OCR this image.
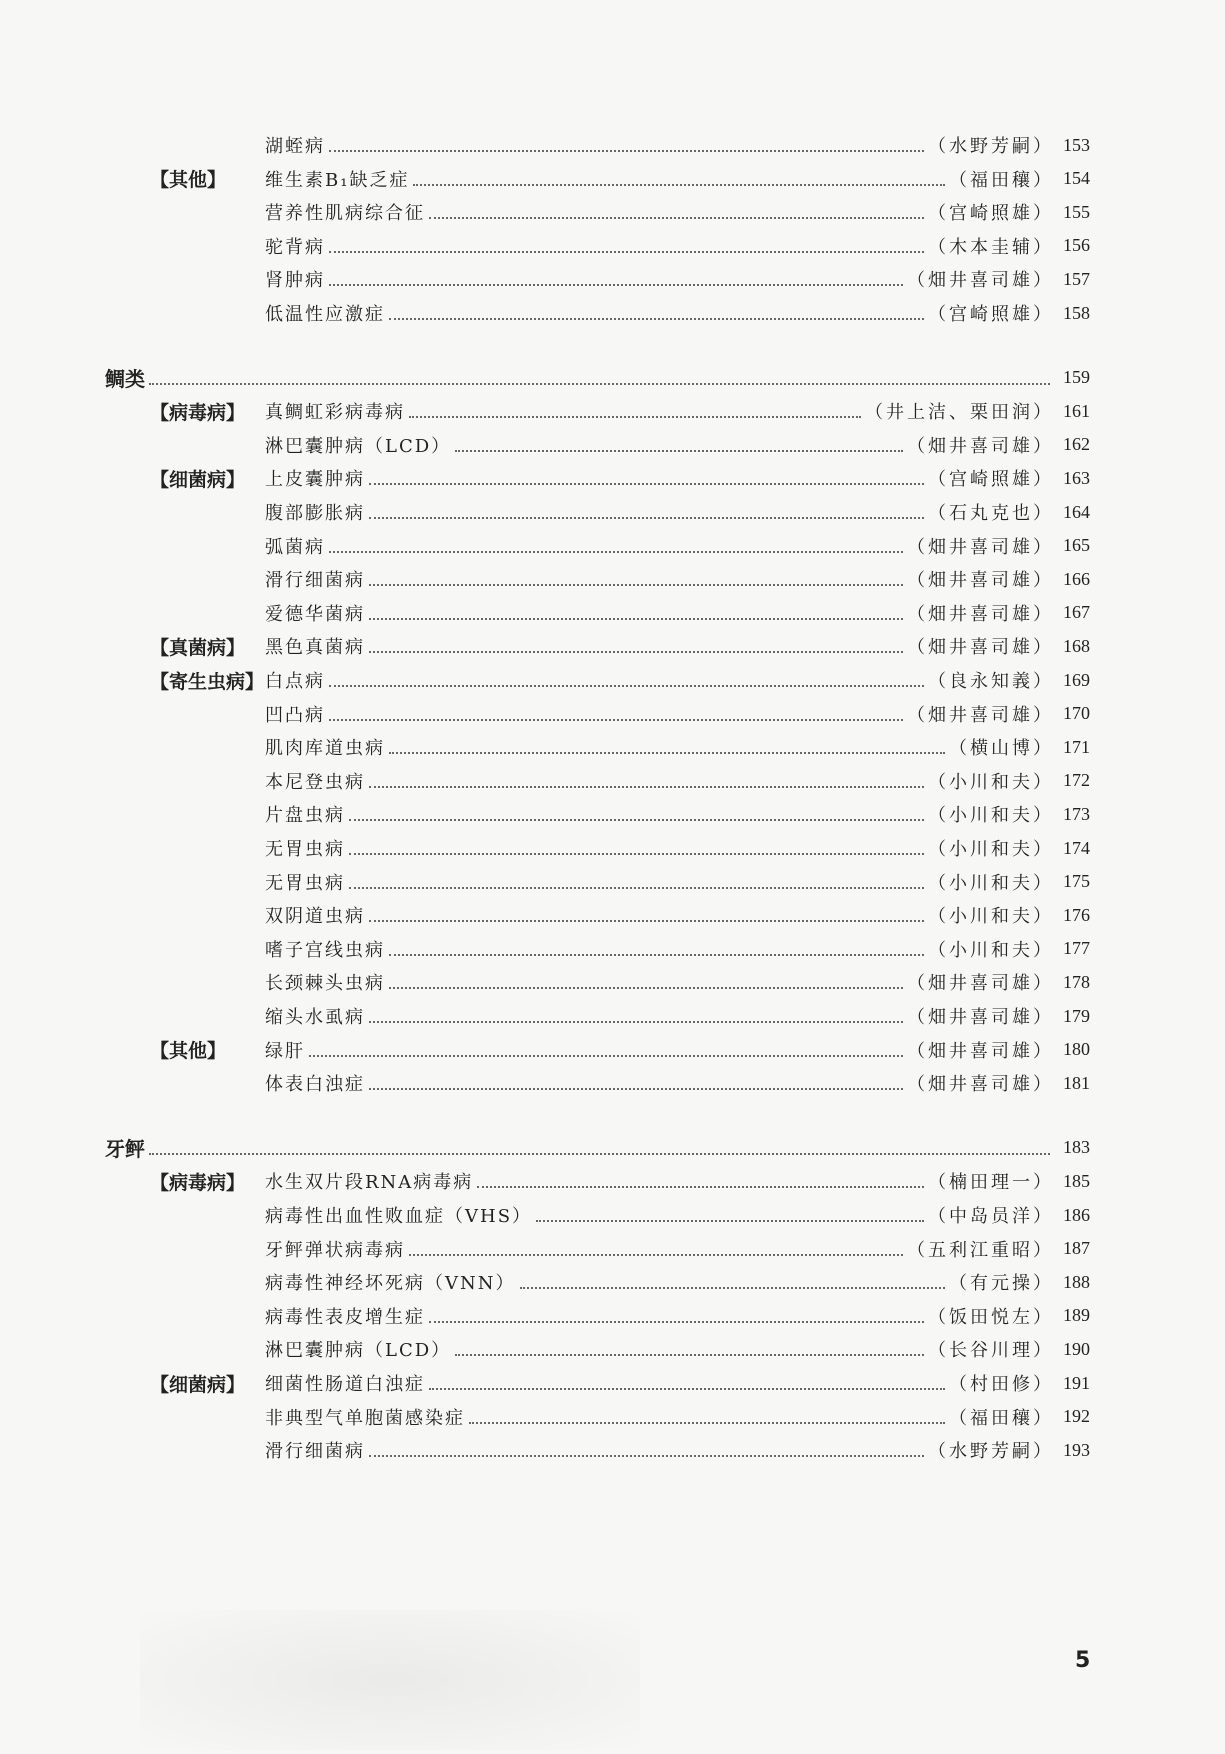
湖蛭病	（水野芳嗣） 153
【其他】	维生素B₁缺乏症	（福田穰） 154
营养性肌病综合征	（宫崎照雄） 155
驼背病	（木本圭辅） 156
肾肿病	（畑井喜司雄） 157
低温性应激症	（宫崎照雄） 158
鲷类	159
【病毒病】	真鲷虹彩病毒病	（井上洁、栗田润） 161
淋巴囊肿病（LCD）	（畑井喜司雄） 162
【细菌病】	上皮囊肿病	（宫崎照雄） 163
腹部膨胀病	（石丸克也） 164
弧菌病	（畑井喜司雄） 165
滑行细菌病	（畑井喜司雄） 166
爱德华菌病	（畑井喜司雄） 167
【真菌病】	黑色真菌病	（畑井喜司雄） 168
【寄生虫病】 白点病	（良永知義） 169
凹凸病	（畑井喜司雄） 170
肌肉库道虫病	（横山博） 171
本尼登虫病	（小川和夫） 172
片盘虫病	（小川和夫） 173
无胃虫病	（小川和夫） 174
无胃虫病	（小川和夫） 175
双阴道虫病	（小川和夫） 176
嗜子宫线虫病	（小川和夫） 177
长颈棘头虫病	（畑井喜司雄） 178
缩头水虱病	（畑井喜司雄） 179
【其他】	绿肝	（畑井喜司雄） 180
体表白浊症	（畑井喜司雄） 181
牙鲆	183
【病毒病】	水生双片段RNA病毒病	（楠田理一） 185
病毒性出血性败血症（VHS）	（中岛员洋） 186
牙鲆弹状病毒病	（五利江重昭） 187
病毒性神经坏死病（VNN）	（有元操） 188
病毒性表皮增生症	（饭田悦左） 189
淋巴囊肿病（LCD）	（长谷川理） 190
【细菌病】	细菌性肠道白浊症	（村田修） 191
非典型气单胞菌感染症	（福田穰） 192
滑行细菌病	（水野芳嗣） 193
5
